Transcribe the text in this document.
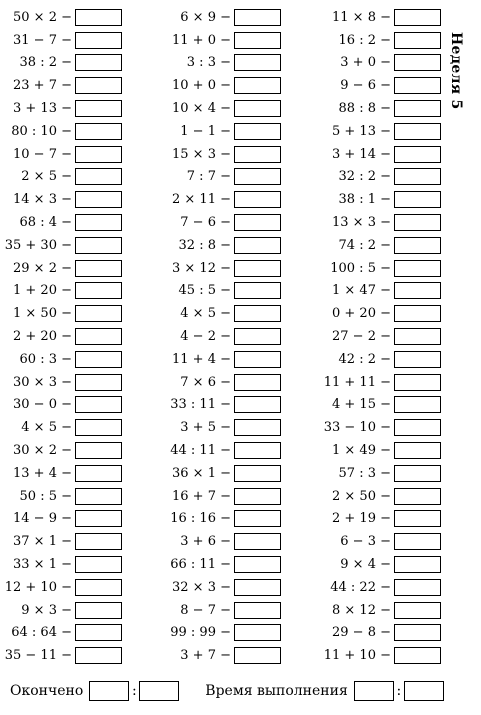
50 × 2 −
31 − 7 −
38 : 2 −
23 + 7 −
3 + 13 −
80 : 10 −
10 − 7 −
2 × 5 −
14 × 3 −
68 : 4 −
35 + 30 −
29 × 2 −
1 + 20 −
1 × 50 −
2 + 20 −
60 : 3 −
30 × 3 −
30 − 0 −
4 × 5 −
30 × 2 −
13 + 4 −
50 : 5 −
14 − 9 −
37 × 1 −
33 × 1 −
12 + 10 −
9 × 3 −
64 : 64 −
35 − 11 −
6 × 9 −
11 + 0 −
3 : 3 −
10 + 0 −
10 × 4 −
1 − 1 −
15 × 3 −
7 : 7 −
2 × 11 −
7 − 6 −
32 : 8 −
3 × 12 −
45 : 5 −
4 × 5 −
4 − 2 −
11 + 4 −
7 × 6 −
33 : 11 −
3 + 5 −
44 : 11 −
36 × 1 −
16 + 7 −
16 : 16 −
3 + 6 −
66 : 11 −
32 × 3 −
8 − 7 −
99 : 99 −
3 + 7 −
11 × 8 −
16 : 2 −
3 + 0 −
9 − 6 −
88 : 8 −
5 + 13 −
3 + 14 −
32 : 2 −
38 : 1 −
13 × 3 −
74 : 2 −
100 : 5 −
1 × 47 −
0 + 20 −
27 − 2 −
42 : 2 −
11 + 11 −
4 + 15 −
33 − 10 −
1 × 49 −
57 : 3 −
2 × 50 −
2 + 19 −
6 − 3 −
9 × 4 −
44 : 22 −
8 × 12 −
29 − 8 −
11 + 10 −
Неделя 5
Окончено	:	Время выполнения	:
